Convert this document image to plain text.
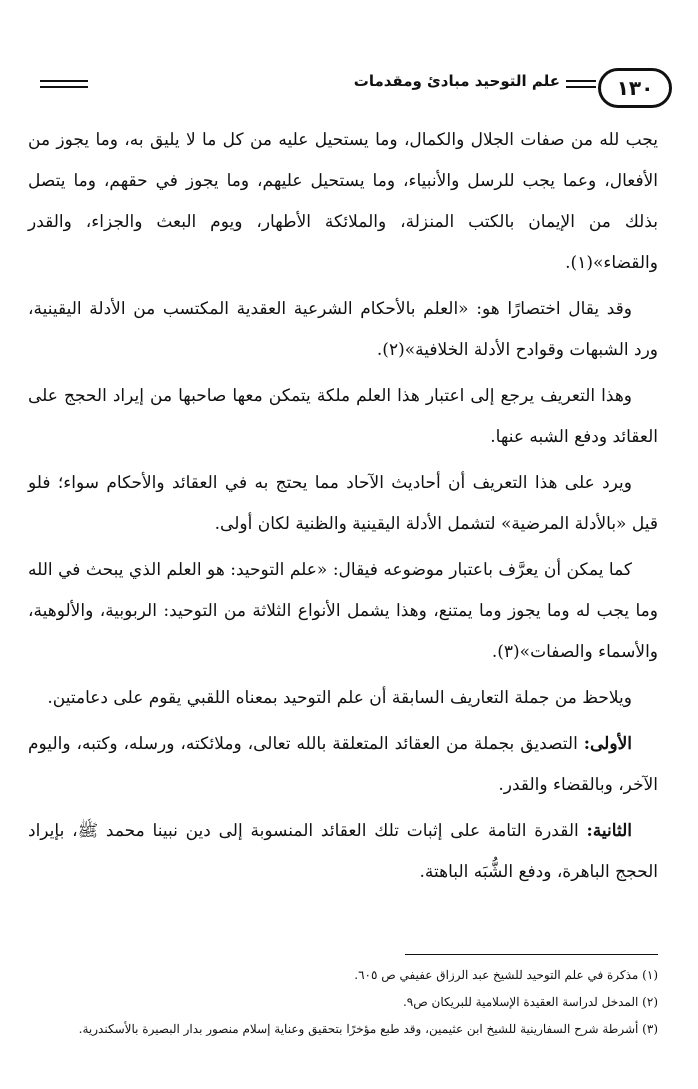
١٣٠
علم التوحيد مبادئ ومقدمات

يجب لله من صفات الجلال والكمال، وما يستحيل عليه من كل ما لا يليق به، وما يجوز من الأفعال، وعما يجب للرسل والأنبياء، وما يستحيل عليهم، وما يجوز في حقهم، وما يتصل بذلك من الإيمان بالكتب المنزلة، والملائكة الأطهار، ويوم البعث والجزاء، والقدر والقضاء»(١).

وقد يقال اختصارًا هو: «العلم بالأحكام الشرعية العقدية المكتسب من الأدلة اليقينية، ورد الشبهات وقوادح الأدلة الخلافية»(٢).

وهذا التعريف يرجع إلى اعتبار هذا العلم ملكة يتمكن معها صاحبها من إيراد الحجج على العقائد ودفع الشبه عنها.

ويرد على هذا التعريف أن أحاديث الآحاد مما يحتج به في العقائد والأحكام سواء؛ فلو قيل «بالأدلة المرضية» لتشمل الأدلة اليقينية والظنية لكان أولى.

كما يمكن أن يعرَّف باعتبار موضوعه فيقال: «علم التوحيد: هو العلم الذي يبحث في الله وما يجب له وما يجوز وما يمتنع، وهذا يشمل الأنواع الثلاثة من التوحيد: الربوبية، والألوهية، والأسماء والصفات»(٣).

ويلاحظ من جملة التعاريف السابقة أن علم التوحيد بمعناه اللقبي يقوم على دعامتين.

الأولى: التصديق بجملة من العقائد المتعلقة بالله تعالى، وملائكته، ورسله، وكتبه، واليوم الآخر، وبالقضاء والقدر.

الثانية: القدرة التامة على إثبات تلك العقائد المنسوبة إلى دين نبينا محمد ﷺ، بإيراد الحجج الباهرة، ودفع الشُّبَه الباهتة.

(١) مذكرة في علم التوحيد للشيخ عبد الرزاق عفيفي ص ٦٠٥.

(٢) المدخل لدراسة العقيدة الإسلامية للبريكان ص٩.

(٣) أشرطة شرح السفارينية للشيخ ابن عثيمين، وقد طبع مؤخرًا بتحقيق وعناية إسلام منصور بدار البصيرة بالأسكندرية.
